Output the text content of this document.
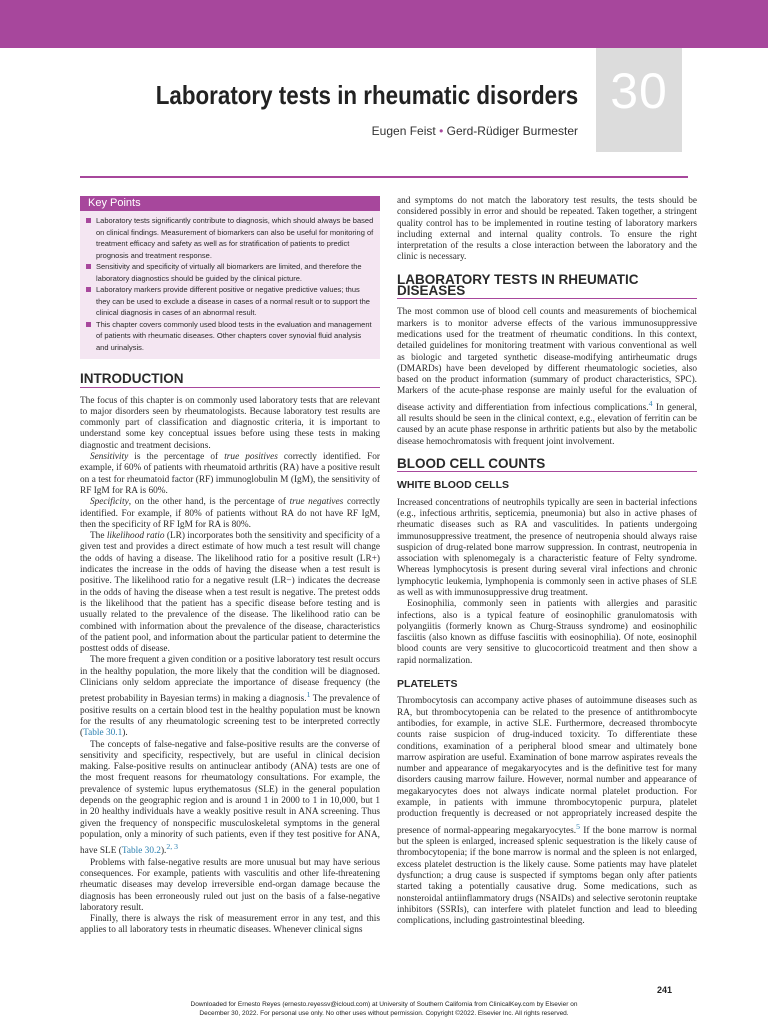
30
Laboratory tests in rheumatic disorders
Eugen Feist • Gerd-Rüdiger Burmester
Key Points
Laboratory tests significantly contribute to diagnosis, which should always be based on clinical findings. Measurement of biomarkers can also be useful for monitoring of treatment efficacy and safety as well as for stratification of patients to predict prognosis and treatment response.
Sensitivity and specificity of virtually all biomarkers are limited, and therefore the laboratory diagnostics should be guided by the clinical picture.
Laboratory markers provide different positive or negative predictive values; thus they can be used to exclude a disease in cases of a normal result or to support the clinical diagnosis in cases of an abnormal result.
This chapter covers commonly used blood tests in the evaluation and management of patients with rheumatic diseases. Other chapters cover synovial fluid analysis and urinalysis.
INTRODUCTION

The focus of this chapter is on commonly used laboratory tests that are relevant to major disorders seen by rheumatologists. Because laboratory test results are commonly part of classification and diagnostic criteria, it is important to understand some key conceptual issues before using these tests in making diagnostic and treatment decisions.

Sensitivity is the percentage of true positives correctly identified. For example, if 60% of patients with rheumatoid arthritis (RA) have a positive result on a test for rheumatoid factor (RF) immunoglobulin M (IgM), the sensitivity of RF IgM for RA is 60%.

Specificity, on the other hand, is the percentage of true negatives correctly identified. For example, if 80% of patients without RA do not have RF IgM, then the specificity of RF IgM for RA is 80%.

The likelihood ratio (LR) incorporates both the sensitivity and specificity of a given test and provides a direct estimate of how much a test result will change the odds of having a disease. The likelihood ratio for a positive result (LR+) indicates the increase in the odds of having the disease when a test result is positive. The likelihood ratio for a negative result (LR−) indicates the decrease in the odds of having the disease when a test result is negative. The pretest odds is the likelihood that the patient has a specific disease before testing and is usually related to the prevalence of the disease. The likelihood ratio can be combined with information about the prevalence of the disease, characteristics of the patient pool, and information about the particular patient to determine the posttest odds of disease.

The more frequent a given condition or a positive laboratory test result occurs in the healthy population, the more likely that the condition will be diagnosed. Clinicians only seldom appreciate the importance of disease frequency (the pretest probability in Bayesian terms) in making a diagnosis.$^1$ The prevalence of positive results on a certain blood test in the healthy population must be known for the results of any rheumatologic screening test to be interpreted correctly (Table 30.1).

The concepts of false-negative and false-positive results are the converse of sensitivity and specificity, respectively, but are useful in clinical decision making. False-positive results on antinuclear antibody (ANA) tests are one of the most frequent reasons for rheumatology consultations. For example, the prevalence of systemic lupus erythematosus (SLE) in the general population depends on the geographic region and is around 1 in 2000 to 1 in 10,000, but 1 in 20 healthy individuals have a weakly positive result in ANA screening. Thus given the frequency of nonspecific musculoskeletal symptoms in the general population, only a minority of such patients, even if they test positive for ANA, have SLE (Table 30.2).$^{2, 3}$

Problems with false-negative results are more unusual but may have serious consequences. For example, patients with vasculitis and other life-threatening rheumatic diseases may develop irreversible end-organ damage because the diagnosis has been erroneously ruled out just on the basis of a false-negative laboratory result.

Finally, there is always the risk of measurement error in any test, and this applies to all laboratory tests in rheumatic diseases. Whenever clinical signs

and symptoms do not match the laboratory test results, the tests should be considered possibly in error and should be repeated. Taken together, a stringent quality control has to be implemented in routine testing of laboratory markers including external and internal quality controls. To ensure the right interpretation of the results a close interaction between the laboratory and the clinic is necessary.

LABORATORY TESTS IN RHEUMATIC DISEASES

The most common use of blood cell counts and measurements of biochemical markers is to monitor adverse effects of the various immunosuppressive medications used for the treatment of rheumatic conditions. In this context, detailed guidelines for monitoring treatment with various conventional as well as biologic and targeted synthetic disease-modifying antirheumatic drugs (DMARDs) have been developed by different rheumatologic societies, also based on the product information (summary of product characteristics, SPC). Markers of the acute-phase response are mainly useful for the evaluation of disease activity and differentiation from infectious complications.$^4$ In general, all results should be seen in the clinical context, e.g., elevation of ferritin can be caused by an acute phase response in arthritic patients but also by the metabolic disease hemochromatosis with frequent joint involvement.

BLOOD CELL COUNTS
WHITE BLOOD CELLS

Increased concentrations of neutrophils typically are seen in bacterial infections (e.g., infectious arthritis, septicemia, pneumonia) but also in active phases of rheumatic diseases such as RA and vasculitides. In patients undergoing immunosuppressive treatment, the presence of neutropenia should always raise suspicion of drug-related bone marrow suppression. In contrast, neutropenia in association with splenomegaly is a characteristic feature of Felty syndrome. Whereas lymphocytosis is present during several viral infections and chronic lymphocytic leukemia, lymphopenia is commonly seen in active phases of SLE as well as with immunosuppressive drug treatment.

Eosinophilia, commonly seen in patients with allergies and parasitic infections, also is a typical feature of eosinophilic granulomatosis with polyangiitis (formerly known as Churg-Strauss syndrome) and eosinophilic fasciitis (also known as diffuse fasciitis with eosinophilia). Of note, eosinophil blood counts are very sensitive to glucocorticoid treatment and then show a rapid normalization.

PLATELETS

Thrombocytosis can accompany active phases of autoimmune diseases such as RA, but thrombocytopenia can be related to the presence of antithrombocyte antibodies, for example, in active SLE. Furthermore, decreased thrombocyte counts raise suspicion of drug-induced toxicity. To differentiate these conditions, examination of a peripheral blood smear and ultimately bone marrow aspiration are useful. Examination of bone marrow aspirates reveals the number and appearance of megakaryocytes and is the definitive test for many disorders causing marrow failure. However, normal number and appearance of megakaryocytes does not always indicate normal platelet production. For example, in patients with immune thrombocytopenic purpura, platelet production frequently is decreased or not appropriately increased despite the presence of normal-appearing megakaryocytes.$^5$ If the bone marrow is normal but the spleen is enlarged, increased splenic sequestration is the likely cause of thrombocytopenia; if the bone marrow is normal and the spleen is not enlarged, excess platelet destruction is the likely cause. Some patients may have platelet dysfunction; a drug cause is suspected if symptoms began only after patients started taking a potentially causative drug. Some medications, such as nonsteroidal antiinflammatory drugs (NSAIDs) and selective serotonin reuptake inhibitors (SSRIs), can interfere with platelet function and lead to bleeding complications, including gastrointestinal bleeding.

241
Downloaded for Ernesto Reyes (ernesto.reyessv@icloud.com) at University of Southern California from ClinicalKey.com by Elsevier on
December 30, 2022. For personal use only. No other uses without permission. Copyright ©2022. Elsevier Inc. All rights reserved.
